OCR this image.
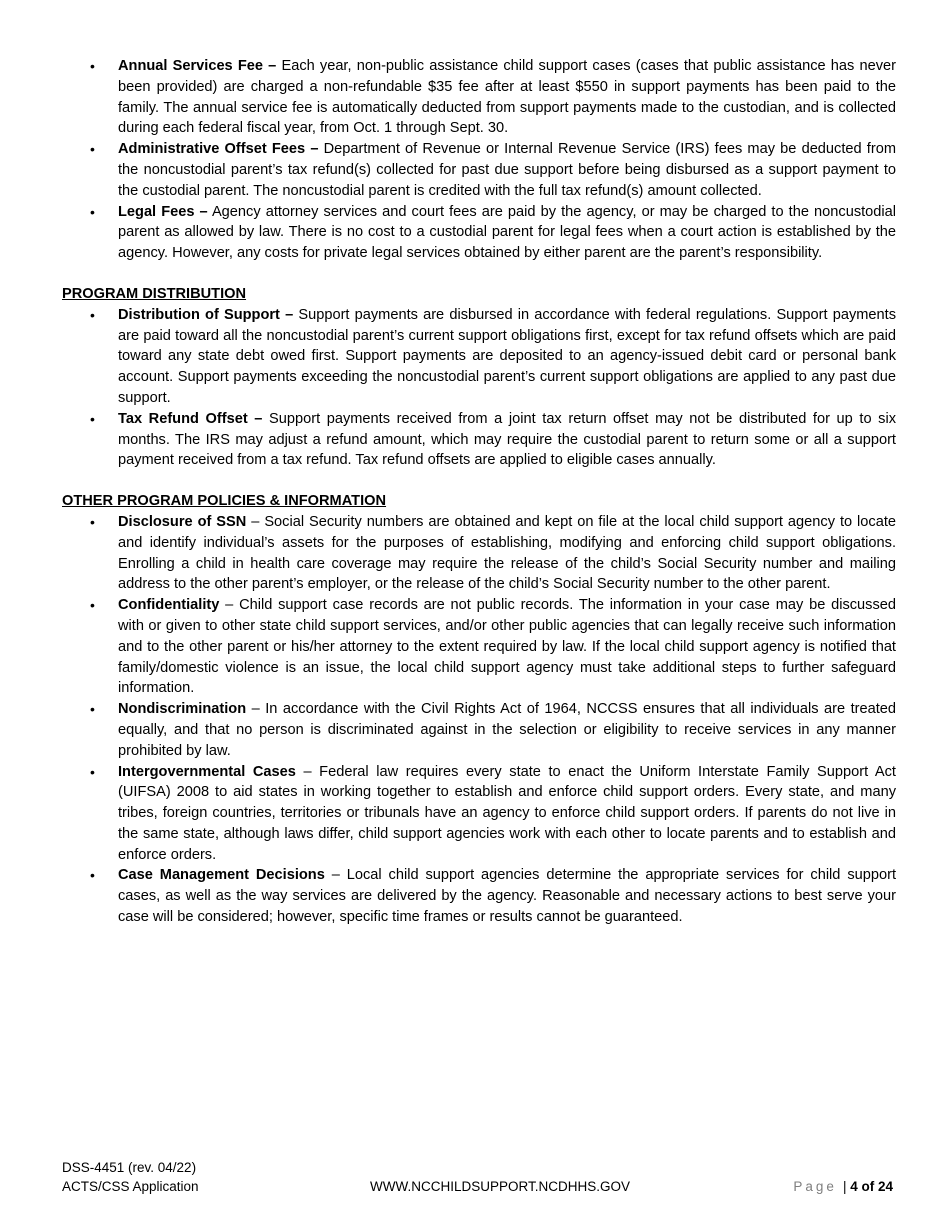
• Annual Services Fee – Each year, non-public assistance child support cases (cases that public assistance has never been provided) are charged a non-refundable $35 fee after at least $550 in support payments has been paid to the family. The annual service fee is automatically deducted from support payments made to the custodian, and is collected during each federal fiscal year, from Oct. 1 through Sept. 30.
• Administrative Offset Fees – Department of Revenue or Internal Revenue Service (IRS) fees may be deducted from the noncustodial parent’s tax refund(s) collected for past due support before being disbursed as a support payment to the custodial parent. The noncustodial parent is credited with the full tax refund(s) amount collected.
• Legal Fees – Agency attorney services and court fees are paid by the agency, or may be charged to the noncustodial parent as allowed by law. There is no cost to a custodial parent for legal fees when a court action is established by the agency. However, any costs for private legal services obtained by either parent are the parent’s responsibility.
PROGRAM DISTRIBUTION
• Distribution of Support – Support payments are disbursed in accordance with federal regulations. Support payments are paid toward all the noncustodial parent’s current support obligations first, except for tax refund offsets which are paid toward any state debt owed first. Support payments are deposited to an agency-issued debit card or personal bank account. Support payments exceeding the noncustodial parent’s current support obligations are applied to any past due support.
• Tax Refund Offset – Support payments received from a joint tax return offset may not be distributed for up to six months. The IRS may adjust a refund amount, which may require the custodial parent to return some or all a support payment received from a tax refund. Tax refund offsets are applied to eligible cases annually.
OTHER PROGRAM POLICIES & INFORMATION
• Disclosure of SSN – Social Security numbers are obtained and kept on file at the local child support agency to locate and identify individual’s assets for the purposes of establishing, modifying and enforcing child support obligations. Enrolling a child in health care coverage may require the release of the child’s Social Security number and mailing address to the other parent’s employer, or the release of the child’s Social Security number to the other parent.
• Confidentiality – Child support case records are not public records. The information in your case may be discussed with or given to other state child support services, and/or other public agencies that can legally receive such information and to the other parent or his/her attorney to the extent required by law. If the local child support agency is notified that family/domestic violence is an issue, the local child support agency must take additional steps to further safeguard information.
• Nondiscrimination – In accordance with the Civil Rights Act of 1964, NCCSS ensures that all individuals are treated equally, and that no person is discriminated against in the selection or eligibility to receive services in any manner prohibited by law.
• Intergovernmental Cases – Federal law requires every state to enact the Uniform Interstate Family Support Act (UIFSA) 2008 to aid states in working together to establish and enforce child support orders. Every state, and many tribes, foreign countries, territories or tribunals have an agency to enforce child support orders. If parents do not live in the same state, although laws differ, child support agencies work with each other to locate parents and to establish and enforce orders.
• Case Management Decisions – Local child support agencies determine the appropriate services for child support cases, as well as the way services are delivered by the agency. Reasonable and necessary actions to best serve your case will be considered; however, specific time frames or results cannot be guaranteed.
DSS-4451 (rev. 04/22)
ACTS/CSS Application	WWW.NCCHILDSUPPORT.NCDHHS.GOV	Page | 4 of 24
